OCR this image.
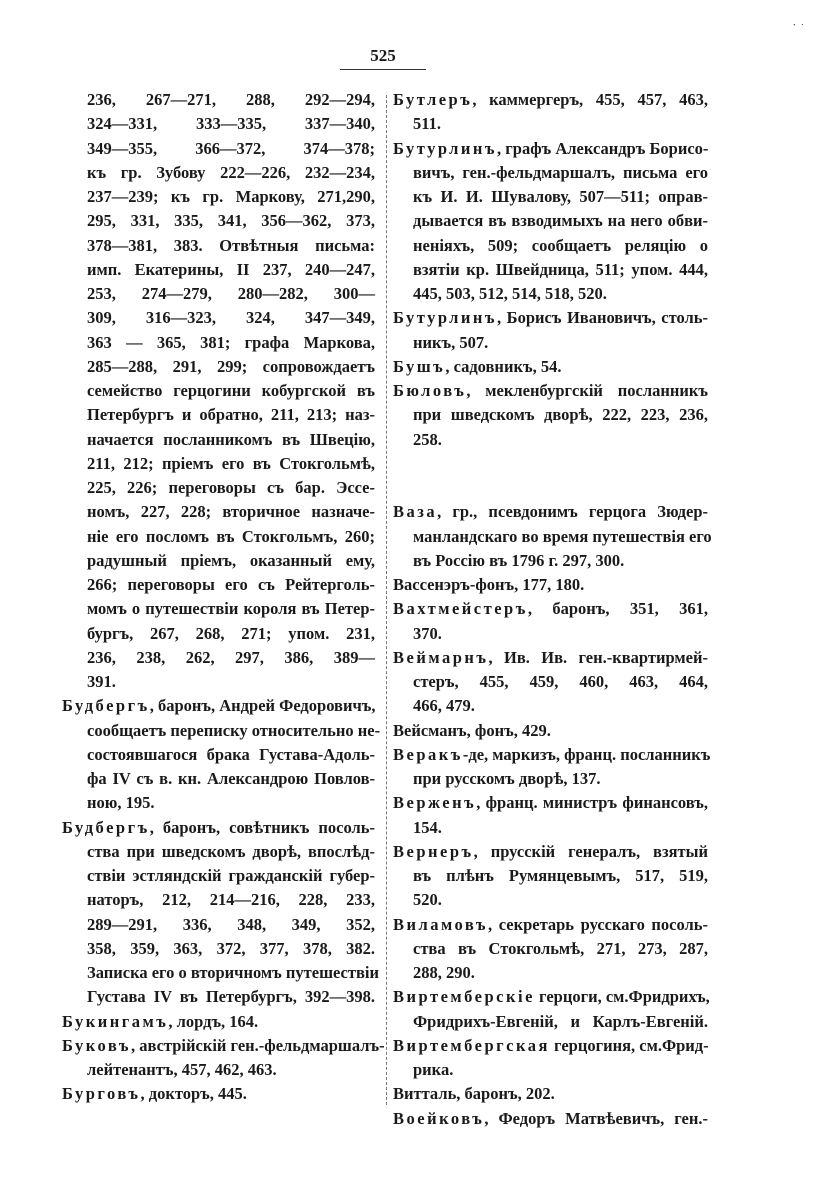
˙ ͘
525
236, 267—271, 288, 292—294,
324—331, 333—335, 337—340,
349—355, 366—372, 374—378;
къ гр. Зубову 222—226, 232—234,
237—239; къ гр. Маркову, 271,290,
295, 331, 335, 341, 356—362, 373,
378—381, 383. Отвѣтныя письма:
имп. Екатерины, II 237, 240—247,
253, 274—279, 280—282, 300—
309, 316—323, 324, 347—349,
363 — 365, 381; графа Маркова,
285—288, 291, 299; сопровождаетъ
семейство герцогини кобургской въ
Петербургъ и обратно, 211, 213; наз-
начается посланникомъ въ Швецію,
211, 212; пріемъ его въ Стокгольмѣ,
225, 226; переговоры съ бар. Эссе-
номъ, 227, 228; вторичное назначе-
ніе его посломъ въ Стокгольмъ, 260;
радушный пріемъ, оказанный ему,
266; переговоры его съ Рейтерголь-
момъ о путешествіи короля въ Петер-
бургъ, 267, 268, 271; упом. 231,
236, 238, 262, 297, 386, 389—
391.
Будбергъ, баронъ, Андрей Федоровичъ,
сообщаетъ переписку относительно не-
состоявшагося брака Густава-Адоль-
фа IV съ в. кн. Александрою Повлов-
ною, 195.
Будбергъ, баронъ, совѣтникъ посоль-
ства при шведскомъ дворѣ, впослѣд-
ствіи эстляндскій гражданскій губер-
наторъ, 212, 214—216, 228, 233,
289—291, 336, 348, 349, 352,
358, 359, 363, 372, 377, 378, 382.
Записка его о вторичномъ путешествіи
Густава IV въ Петербургъ, 392—398.
Букингамъ, лордъ, 164.
Буковъ, австрійскій ген.-фельдмаршалъ-
лейтенантъ, 457, 462, 463.
Бурговъ, докторъ, 445.
Бутлеръ, каммергеръ, 455, 457, 463,
511.
Бутурлинъ, графъ Александръ Борисо-
вичъ, ген.-фельдмаршалъ, письма его
къ И. И. Шувалову, 507—511; оправ-
дывается въ взводимыхъ на него обви-
неніяхъ, 509; сообщаетъ реляцію о
взятіи кр. Швейдница, 511; упом. 444,
445, 503, 512, 514, 518, 520.
Бутурлинъ, Борисъ Ивановичъ, столь-
никъ, 507.
Бушъ, садовникъ, 54.
Бюловъ, мекленбургскій посланникъ
при шведскомъ дворѣ, 222, 223, 236,
258.
Ваза, гр., псевдонимъ герцога Зюдер-
манландскаго во время путешествія его
въ Россію въ 1796 г. 297, 300.
Вассенэръ-фонъ, 177, 180.
Вахтмейстеръ, баронъ, 351, 361,
370.
Веймарнъ, Ив. Ив. ген.-квартирмей-
стеръ, 455, 459, 460, 463, 464,
466, 479.
Вейсманъ, фонъ, 429.
Веракъ-де, маркизъ, франц. посланникъ
при русскомъ дворѣ, 137.
Верженъ, франц. министръ финансовъ,
154.
Вернеръ, прусскій генералъ, взятый
въ плѣнъ Румянцевымъ, 517, 519,
520.
Виламовъ, секретарь русскаго посоль-
ства въ Стокгольмѣ, 271, 273, 287,
288, 290.
Виртемберскіе герцоги, см.Фридрихъ,
Фридрихъ-Евгеній, и Карлъ-Евгеній.
Виртембергская герцогиня, см.Фрид-
рика.
Витталь, баронъ, 202.
Воейковъ, Федоръ Матвѣевичъ, ген.-
